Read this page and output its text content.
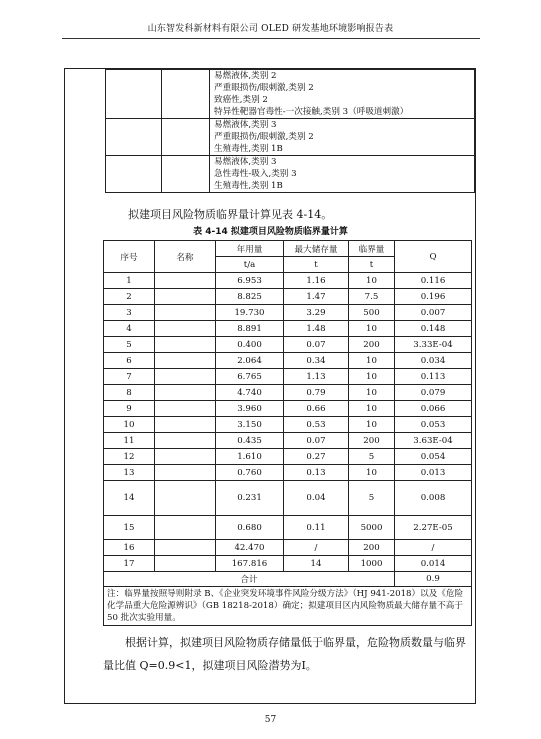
山东智发科新材料有限公司 OLED 研发基地环境影响报告表

		易燃液体,类别 2
严重眼损伤/眼刺激,类别 2
致癌性,类别 2
特异性靶器官毒性-一次接触,类别 3（呼吸道刺激）

		易燃液体,类别 3
严重眼损伤/眼刺激,类别 2
生殖毒性,类别 1B

		易燃液体,类别 3
急性毒性-吸入,类别 3
生殖毒性,类别 1B
拟建项目风险物质临界量计算见表 4-14。
表 4-14 拟建项目风险物质临界量计算
序号	名称	年用量	最大储存量	临界量	Q
		t/a	t	t	
1		6.953	1.16	10	0.116
2		8.825	1.47	7.5	0.196
3		19.730	3.29	500	0.007
4		8.891	1.48	10	0.148
5		0.400	0.07	200	3.33E-04
6		2.064	0.34	10	0.034
7		6.765	1.13	10	0.113
8		4.740	0.79	10	0.079
9		3.960	0.66	10	0.066
10		3.150	0.53	10	0.053
11		0.435	0.07	200	3.63E-04
12		1.610	0.27	5	0.054
13		0.760	0.13	10	0.013
14		0.231	0.04	5	0.008
15		0.680	0.11	5000	2.27E-05
16		42.470	/	200	/
17		167.816	14	1000	0.014
合计					0.9
注：临界量按照导则附录 B、《企业突发环境事件风险分级方法》（HJ 941-2018）以及《危险化学品重大危险源辨识》（GB 18218-2018）确定；拟建项目区内风险物质最大储存量不高于 50 批次实验用量。					
根据计算，拟建项目风险物质存储量低于临界量，危险物质数量与临界量比值 Q=0.9<1，拟建项目风险潜势为I。
57
